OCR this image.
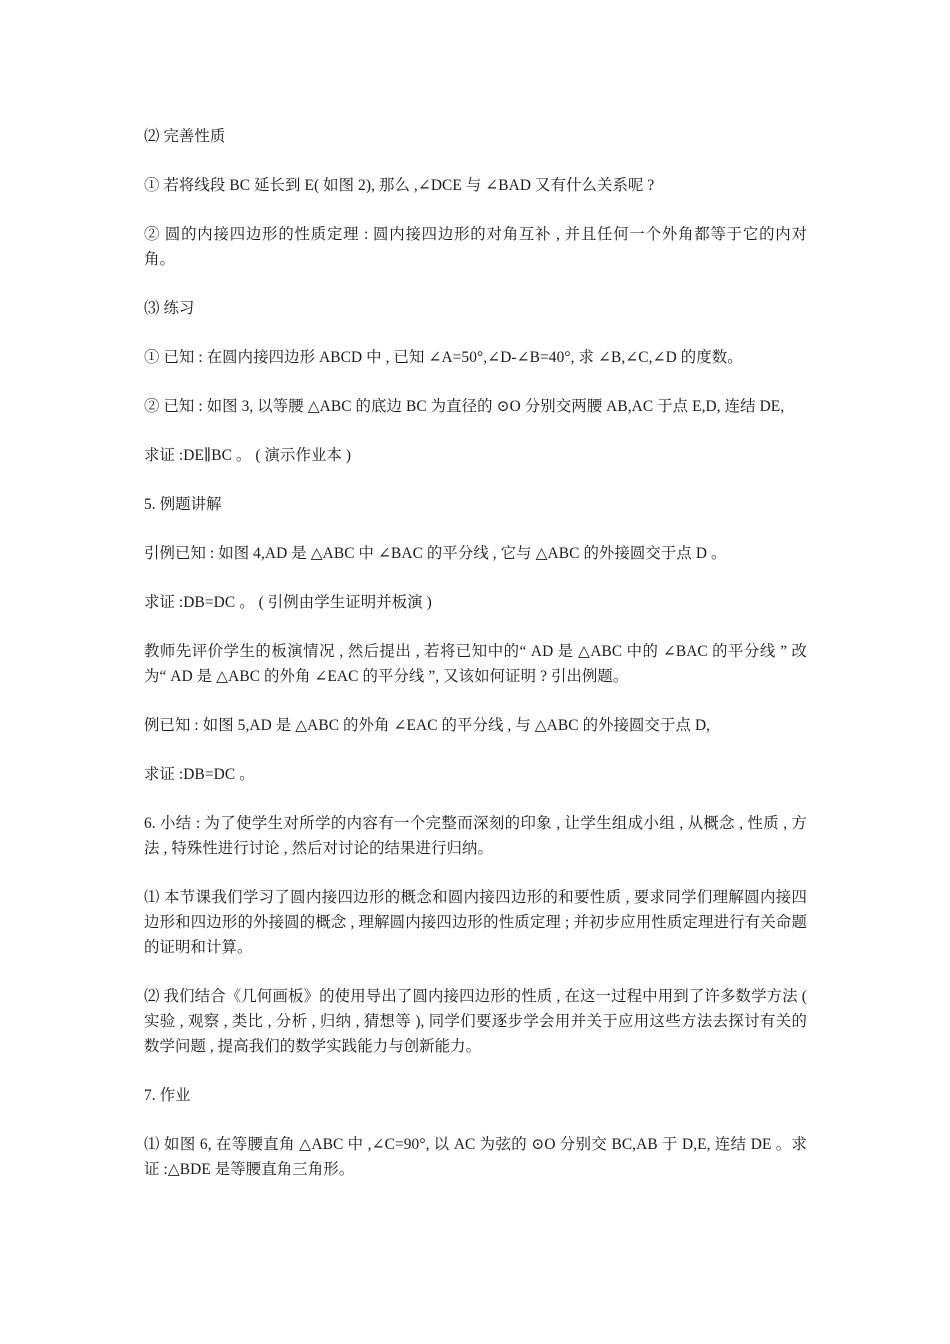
⑵ 完善性质

① 若将线段 BC 延长到 E( 如图 2), 那么 ,∠DCE 与 ∠BAD 又有什么关系呢 ?

② 圆的内接四边形的性质定理 : 圆内接四边形的对角互补 , 并且任何一个外角都等于它的内对角。

⑶ 练习

① 已知 : 在圆内接四边形 ABCD 中 , 已知 ∠A=50°,∠D-∠B=40°, 求 ∠B,∠C,∠D 的度数。

② 已知 : 如图 3, 以等腰 △ABC 的底边 BC 为直径的 ⊙O 分别交两腰 AB,AC 于点 E,D, 连结 DE,

求证 :DE∥BC 。 ( 演示作业本 )

5. 例题讲解

引例已知 : 如图 4,AD 是 △ABC 中 ∠BAC 的平分线 , 它与 △ABC 的外接圆交于点 D 。

求证 :DB=DC 。 ( 引例由学生证明并板演 )

教师先评价学生的板演情况 , 然后提出 , 若将已知中的“ AD 是 △ABC 中的 ∠BAC 的平分线 ” 改为“ AD 是 △ABC 的外角 ∠EAC 的平分线 ”, 又该如何证明 ? 引出例题。

例已知 : 如图 5,AD 是 △ABC 的外角 ∠EAC 的平分线 , 与 △ABC 的外接圆交于点 D,

求证 :DB=DC 。

6. 小结 : 为了使学生对所学的内容有一个完整而深刻的印象 , 让学生组成小组 , 从概念 , 性质 , 方法 , 特殊性进行讨论 , 然后对讨论的结果进行归纳。

⑴ 本节课我们学习了圆内接四边形的概念和圆内接四边形的和要性质 , 要求同学们理解圆内接四边形和四边形的外接圆的概念 , 理解圆内接四边形的性质定理 ; 并初步应用性质定理进行有关命题的证明和计算。

⑵ 我们结合《几何画板》的使用导出了圆内接四边形的性质 , 在这一过程中用到了许多数学方法 ( 实验 , 观察 , 类比 , 分析 , 归纳 , 猜想等 ), 同学们要逐步学会用并关于应用这些方法去探讨有关的数学问题 , 提高我们的数学实践能力与创新能力。

7. 作业

⑴ 如图 6, 在等腰直角 △ABC 中 ,∠C=90°, 以 AC 为弦的 ⊙O 分别交 BC,AB 于 D,E, 连结 DE 。求证 :△BDE 是等腰直角三角形。
